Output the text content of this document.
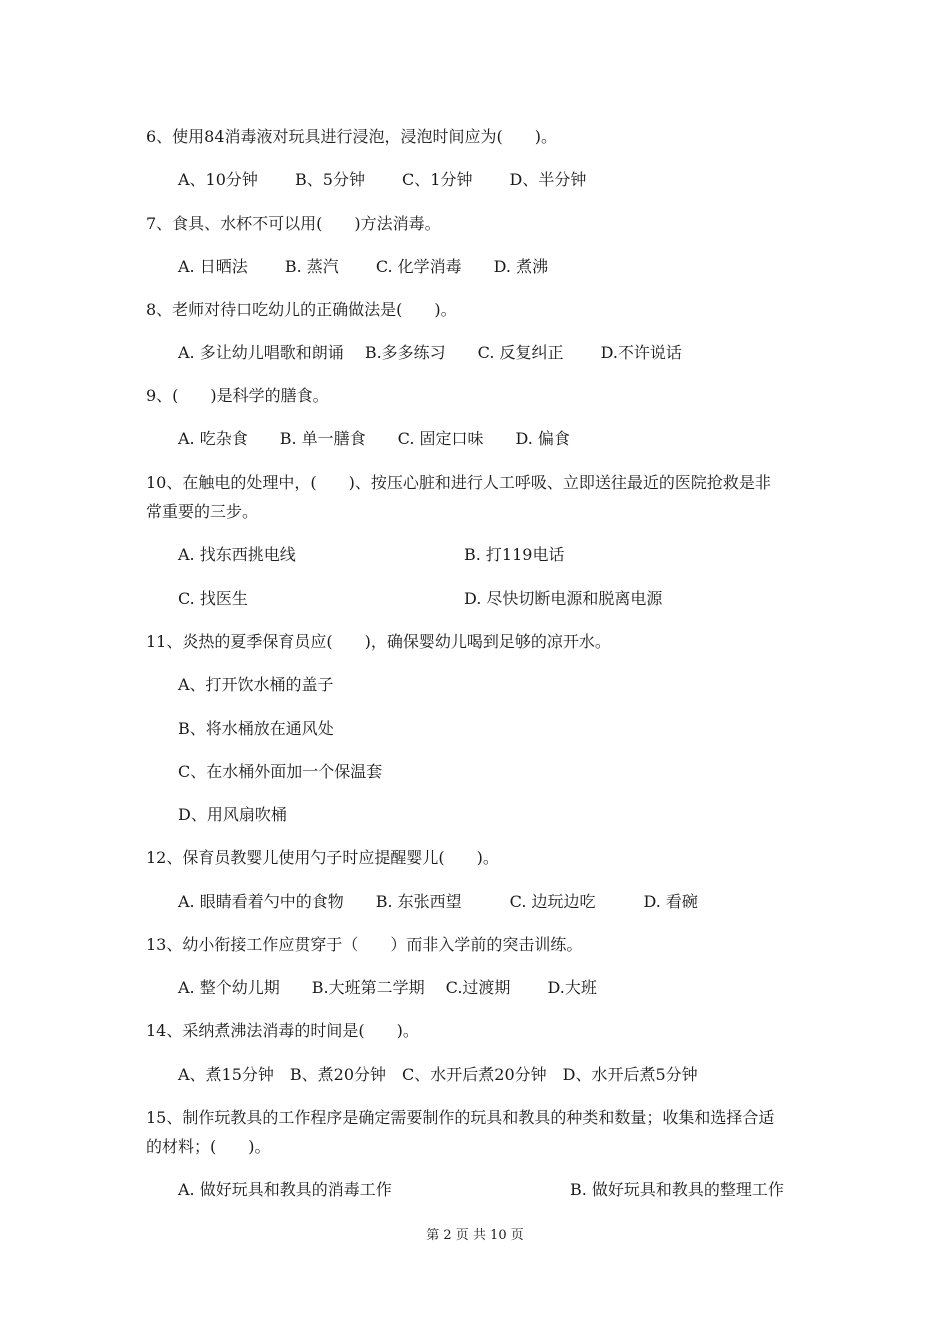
6、使用84消毒液对玩具进行浸泡，浸泡时间应为(　　)。
A、10分钟　　 B、5分钟　　 C、1分钟　　 D、半分钟
7、食具、水杯不可以用(　　)方法消毒。
A. 日晒法　　 B. 蒸汽　　 C. 化学消毒　　D. 煮沸
8、老师对待口吃幼儿的正确做法是(　　)。
A. 多让幼儿唱歌和朗诵　 B.多多练习　　C. 反复纠正　　 D.不许说话
9、(　　)是科学的膳食。
A. 吃杂食　　B. 单一膳食　　C. 固定口味　　D. 偏食
10、在触电的处理中，(　　)、按压心脏和进行人工呼吸、立即送往最近的医院抢救是非
常重要的三步。
A. 找东西挑电线	B. 打119电话
C. 找医生	D. 尽快切断电源和脱离电源
11、炎热的夏季保育员应(　　)，确保婴幼儿喝到足够的凉开水。
A、打开饮水桶的盖子
B、将水桶放在通风处
C、在水桶外面加一个保温套
D、用风扇吹桶
12、保育员教婴儿使用勺子时应提醒婴儿(　　)。
A. 眼睛看着勺中的食物　　B. 东张西望　　　C. 边玩边吃　　　D. 看碗
13、幼小衔接工作应贯穿于（　　）而非入学前的突击训练。
A. 整个幼儿期　　B.大班第二学期　 C.过渡期　　 D.大班
14、采纳煮沸法消毒的时间是(　　)。
A、煮15分钟　B、煮20分钟　C、水开后煮20分钟　D、水开后煮5分钟
15、制作玩教具的工作程序是确定需要制作的玩具和教具的种类和数量；收集和选择合适
的材料；(　　)。
A. 做好玩具和教具的消毒工作	B. 做好玩具和教具的整理工作
第 2 页 共 10 页
